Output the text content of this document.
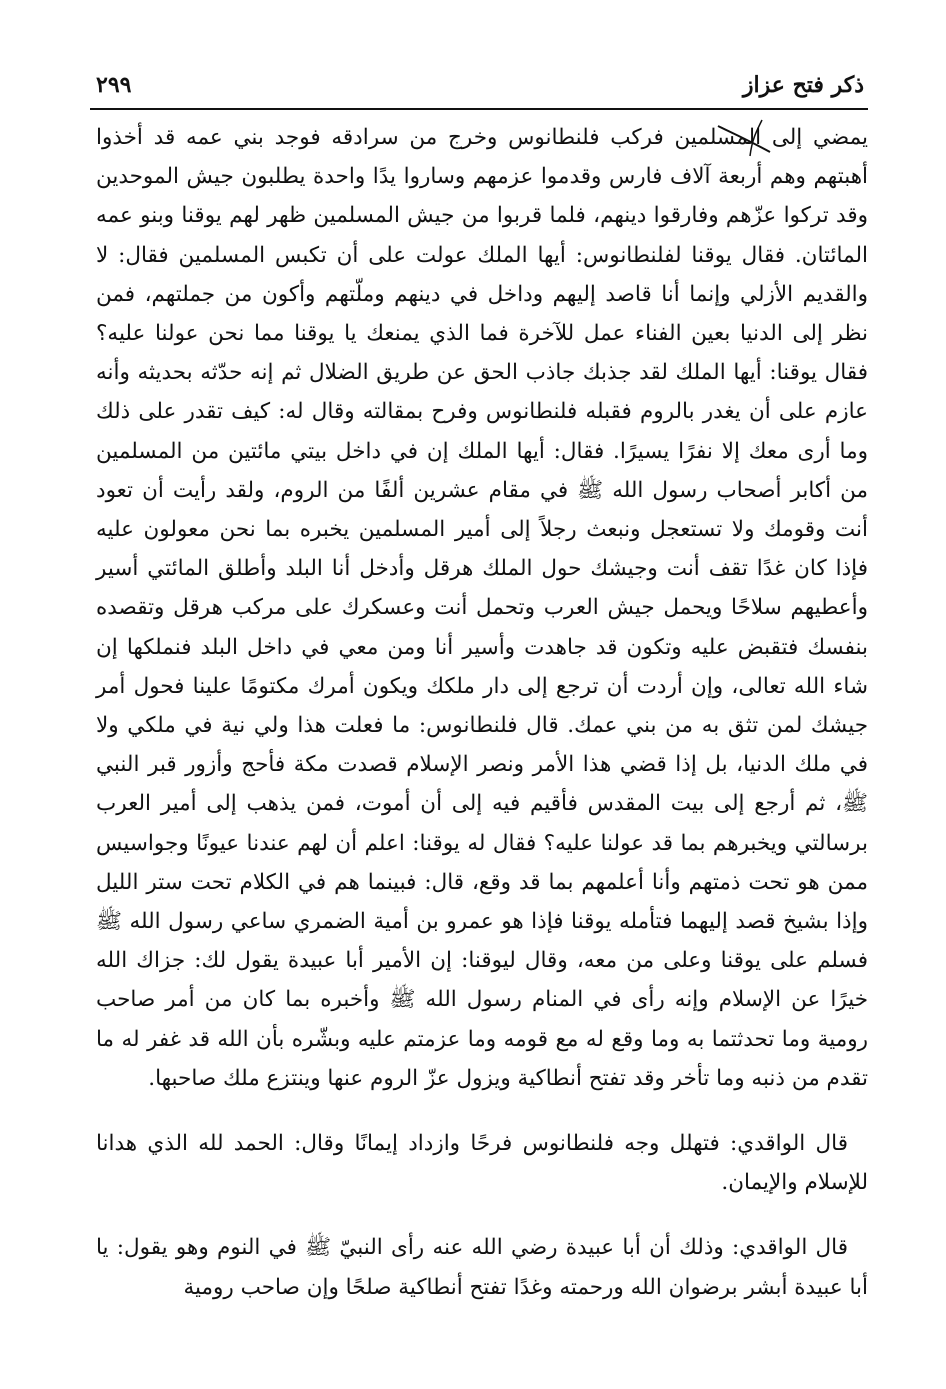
٢٩٩	ذكر فتح عزاز

يمضي إلى المسلمين فركب فلنطانوس وخرج من سرادقه فوجد بني عمه قد أخذوا أهبتهم وهم أربعة آلاف فارس وقدموا عزمهم وساروا يدًا واحدة يطلبون جيش الموحدين وقد تركوا عزّهم وفارقوا دينهم، فلما قربوا من جيش المسلمين ظهر لهم يوقنا وبنو عمه المائتان. فقال يوقنا لفلنطانوس: أيها الملك عولت على أن تكبس المسلمين فقال: لا والقديم الأزلي وإنما أنا قاصد إليهم وداخل في دينهم وملّتهم وأكون من جملتهم، فمن نظر إلى الدنيا بعين الفناء عمل للآخرة فما الذي يمنعك يا يوقنا مما نحن عولنا عليه؟ فقال يوقنا: أيها الملك لقد جذبك جاذب الحق عن طريق الضلال ثم إنه حدّثه بحديثه وأنه عازم على أن يغدر بالروم فقبله فلنطانوس وفرح بمقالته وقال له: كيف تقدر على ذلك وما أرى معك إلا نفرًا يسيرًا. فقال: أيها الملك إن في داخل بيتي مائتين من المسلمين من أكابر أصحاب رسول الله ﷺ في مقام عشرين ألفًا من الروم، ولقد رأيت أن تعود أنت وقومك ولا تستعجل ونبعث رجلاً إلى أمير المسلمين يخبره بما نحن معولون عليه فإذا كان غدًا تقف أنت وجيشك حول الملك هرقل وأدخل أنا البلد وأطلق المائتي أسير وأعطيهم سلاحًا ويحمل جيش العرب وتحمل أنت وعسكرك على مركب هرقل وتقصده بنفسك فتقبض عليه وتكون قد جاهدت وأسير أنا ومن معي في داخل البلد فنملكها إن شاء الله تعالى، وإن أردت أن ترجع إلى دار ملكك ويكون أمرك مكتومًا علينا فحول أمر جيشك لمن تثق به من بني عمك. قال فلنطانوس: ما فعلت هذا ولي نية في ملكي ولا في ملك الدنيا، بل إذا قضي هذا الأمر ونصر الإسلام قصدت مكة فأحج وأزور قبر النبي ﷺ، ثم أرجع إلى بيت المقدس فأقيم فيه إلى أن أموت، فمن يذهب إلى أمير العرب برسالتي ويخبرهم بما قد عولنا عليه؟ فقال له يوقنا: اعلم أن لهم عندنا عيونًا وجواسيس ممن هو تحت ذمتهم وأنا أعلمهم بما قد وقع، قال: فبينما هم في الكلام تحت ستر الليل وإذا بشيخ قصد إليهما فتأمله يوقنا فإذا هو عمرو بن أمية الضمري ساعي رسول الله ﷺ فسلم على يوقنا وعلى من معه، وقال ليوقنا: إن الأمير أبا عبيدة يقول لك: جزاك الله خيرًا عن الإسلام وإنه رأى في المنام رسول الله ﷺ وأخبره بما كان من أمر صاحب رومية وما تحدثتما به وما وقع له مع قومه وما عزمتم عليه وبشّره بأن الله قد غفر له ما تقدم من ذنبه وما تأخر وقد تفتح أنطاكية ويزول عزّ الروم عنها وينتزع ملك صاحبها.

قال الواقدي: فتهلل وجه فلنطانوس فرحًا وازداد إيمانًا وقال: الحمد لله الذي هدانا للإسلام والإيمان.

قال الواقدي: وذلك أن أبا عبيدة رضي الله عنه رأى النبيّ ﷺ في النوم وهو يقول: يا أبا عبيدة أبشر برضوان الله ورحمته وغدًا تفتح أنطاكية صلحًا وإن صاحب رومية
